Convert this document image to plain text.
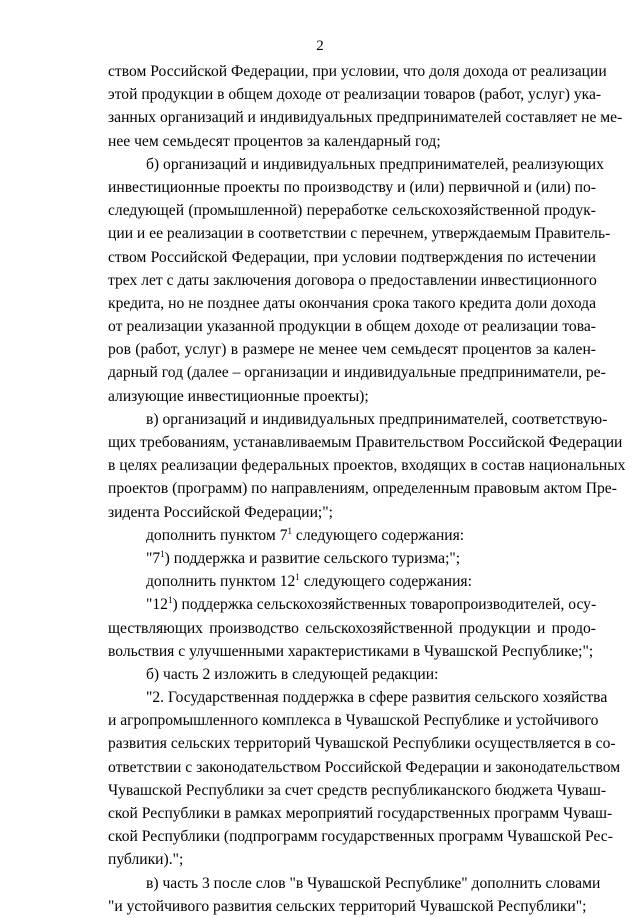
2
ством Российской Федерации, при условии, что доля дохода от реализации
этой продукции в общем доходе от реализации товаров (работ, услуг) ука-
занных организаций и индивидуальных предпринимателей составляет не ме-
нее чем семьдесят процентов за календарный год;
б) организаций и индивидуальных предпринимателей, реализующих
инвестиционные проекты по производству и (или) первичной и (или) по-
следующей (промышленной) переработке сельскохозяйственной продук-
ции и ее реализации в соответствии с перечнем, утверждаемым Правитель-
ством Российской Федерации, при условии подтверждения по истечении
трех лет с даты заключения договора о предоставлении инвестиционного
кредита, но не позднее даты окончания срока такого кредита доли дохода
от реализации указанной продукции в общем доходе от реализации това-
ров (работ, услуг) в размере не менее чем семьдесят процентов за кален-
дарный год (далее – организации и индивидуальные предприниматели, ре-
ализующие инвестиционные проекты);
в) организаций и индивидуальных предпринимателей, соответствую-
щих требованиям, устанавливаемым Правительством Российской Федерации
в целях реализации федеральных проектов, входящих в состав национальных
проектов (программ) по направлениям, определенным правовым актом Пре-
зидента Российской Федерации;";
дополнить пунктом $7^1$ следующего содержания:
"$7^1$) поддержка и развитие сельского туризма;";
дополнить пунктом $12^1$ следующего содержания:
"$12^1$) поддержка сельскохозяйственных товаропроизводителей, осу-
ществляющих производство сельскохозяйственной продукции и продо-
вольствия с улучшенными характеристиками в Чувашской Республике;";
б) часть 2 изложить в следующей редакции:
"2. Государственная поддержка в сфере развития сельского хозяйства
и агропромышленного комплекса в Чувашской Республике и устойчивого
развития сельских территорий Чувашской Республики осуществляется в со-
ответствии с законодательством Российской Федерации и законодательством
Чувашской Республики за счет средств республиканского бюджета Чуваш-
ской Республики в рамках мероприятий государственных программ Чуваш-
ской Республики (подпрограмм государственных программ Чувашской Рес-
публики).";
в) часть 3 после слов "в Чувашской Республике" дополнить словами
"и устойчивого развития сельских территорий Чувашской Республики";
